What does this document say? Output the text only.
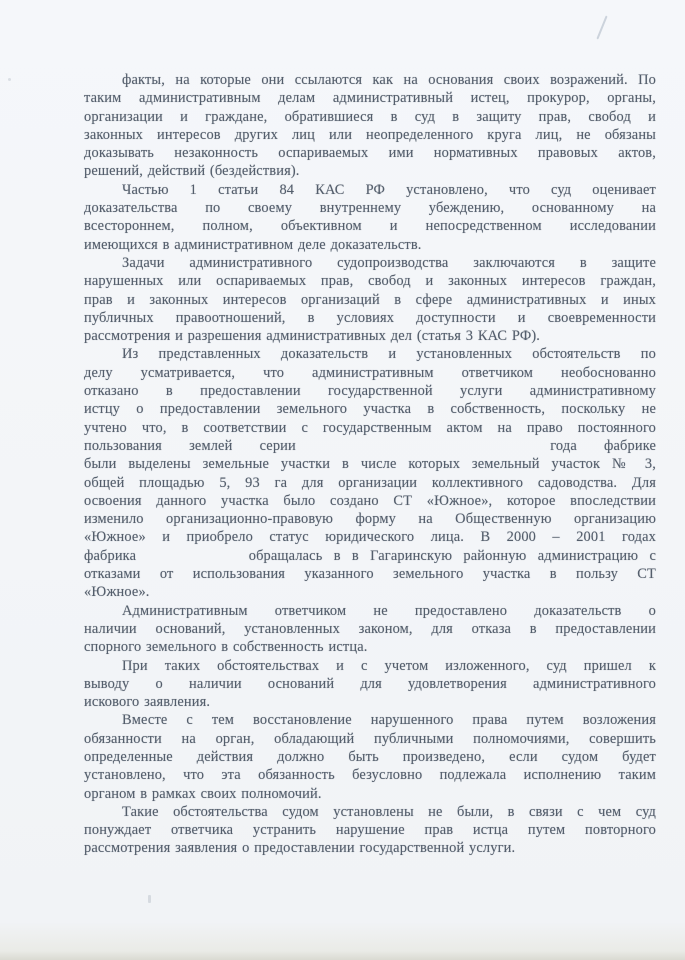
факты, на которые они ссылаются как на основания своих возражений. По
таким административным делам административный истец, прокурор, органы,
организации и граждане, обратившиеся в суд в защиту прав, свобод и
законных интересов других лиц или неопределенного круга лиц, не обязаны
доказывать незаконность оспариваемых ими нормативных правовых актов,
решений, действий (бездействия).
Частью 1 статьи 84 КАС РФ установлено, что суд оценивает
доказательства по своему внутреннему убеждению, основанному на
всестороннем, полном, объективном и непосредственном исследовании
имеющихся в административном деле доказательств.
Задачи административного судопроизводства заключаются в защите
нарушенных или оспариваемых прав, свобод и законных интересов граждан,
прав и законных интересов организаций в сфере административных и иных
публичных правоотношений, в условиях доступности и своевременности
рассмотрения и разрешения административных дел (статья 3 КАС РФ).
Из представленных доказательств и установленных обстоятельств по
делу усматривается, что административным ответчиком необоснованно
отказано в предоставлении государственной услуги административному
истцу о предоставлении земельного участка в собственность, поскольку не
учтено что, в соответствии с государственным актом на право постоянного
пользования землей серии	года фабрике
были выделены земельные участки в числе которых земельный участок № 3,
общей площадью 5, 93 га для организации коллективного садоводства. Для
освоения данного участка было создано СТ «Южное», которое впоследствии
изменило организационно-правовую форму на Общественную организацию
«Южное» и приобрело статус юридического лица. В 2000 – 2001 годах
фабрика	обращалась в в Гагаринскую районную администрацию с
отказами от использования указанного земельного участка в пользу СТ
«Южное».
Административным ответчиком не предоставлено доказательств о
наличии оснований, установленных законом, для отказа в предоставлении
спорного земельного в собственность истца.
При таких обстоятельствах и с учетом изложенного, суд пришел к
выводу о наличии оснований для удовлетворения административного
искового заявления.
Вместе с тем восстановление нарушенного права путем возложения
обязанности на орган, обладающий публичными полномочиями, совершить
определенные действия должно быть произведено, если судом будет
установлено, что эта обязанность безусловно подлежала исполнению таким
органом в рамках своих полномочий.
Такие обстоятельства судом установлены не были, в связи с чем суд
понуждает ответчика устранить нарушение прав истца путем повторного
рассмотрения заявления о предоставлении государственной услуги.
